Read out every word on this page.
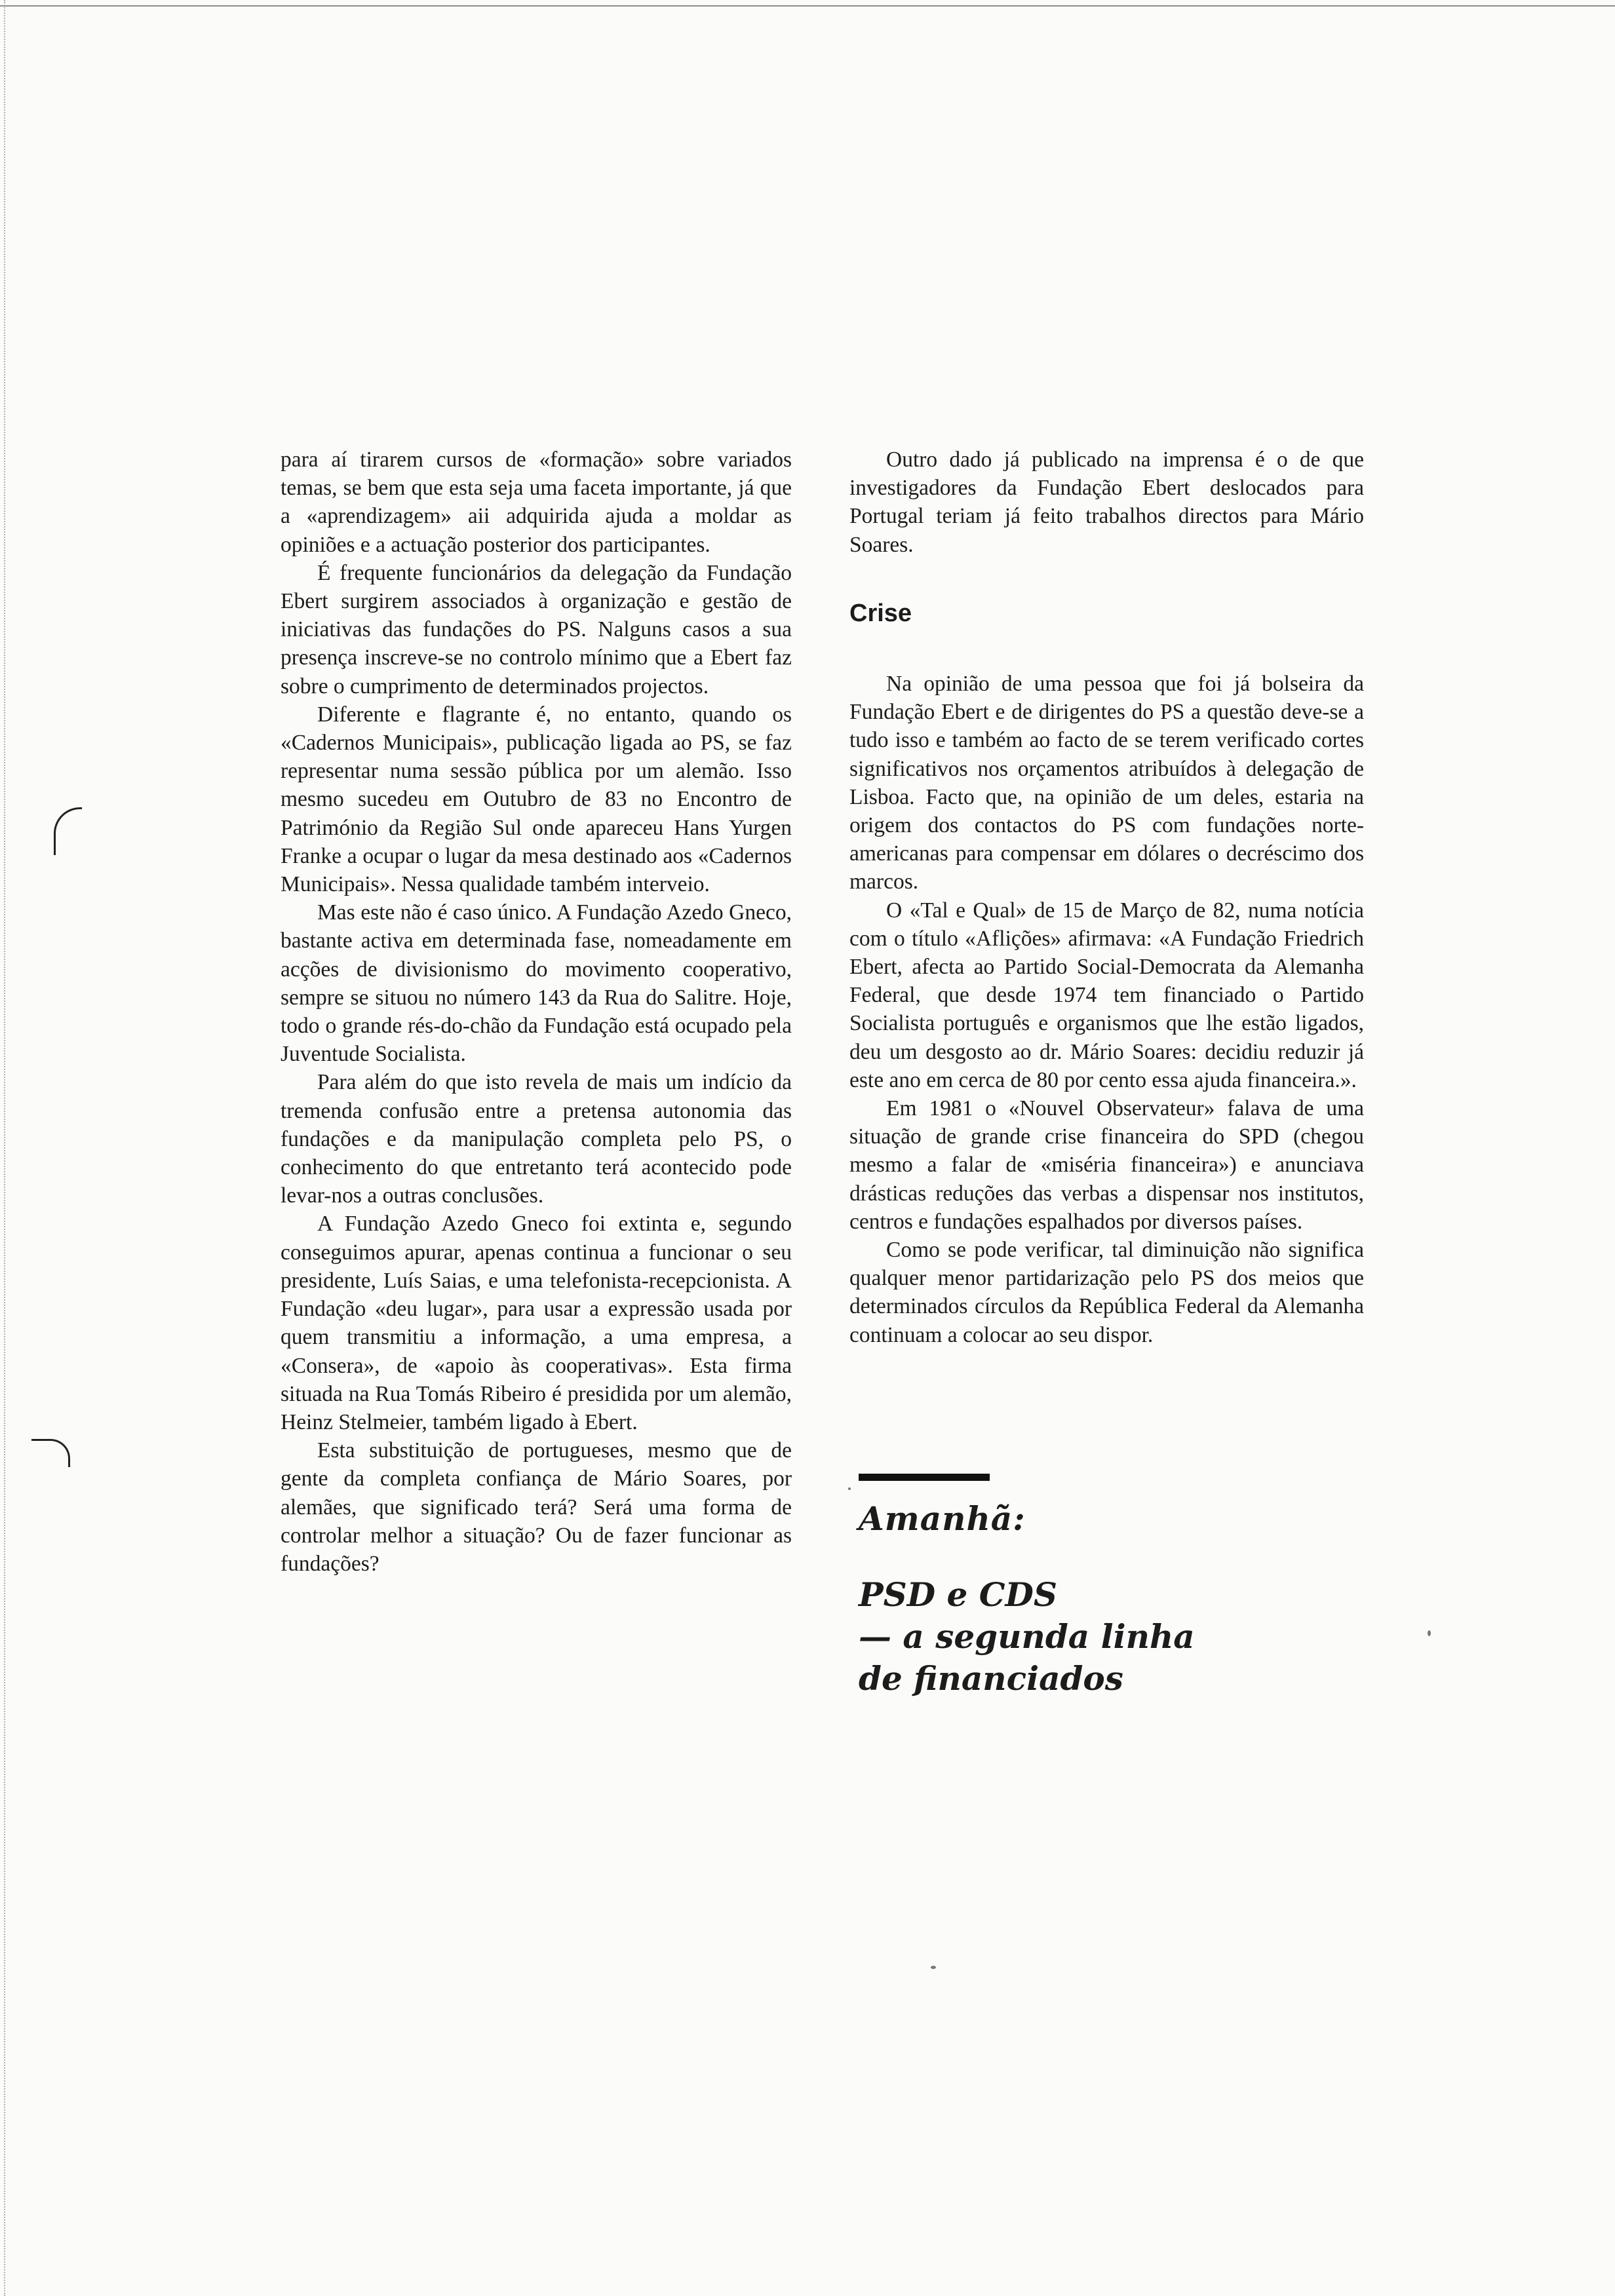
para aí tirarem cursos de «formação» sobre variados temas, se bem que esta seja uma faceta importante, já que a «aprendizagem» aii adquirida ajuda a moldar as opiniões e a actuação posterior dos participantes.

É frequente funcionários da delegação da Fundação Ebert surgirem associados à organização e gestão de iniciativas das fundações do PS. Nalguns casos a sua presença inscreve-se no controlo mínimo que a Ebert faz sobre o cumprimento de determinados projectos.

Diferente e flagrante é, no entanto, quando os «Cadernos Municipais», publicação ligada ao PS, se faz representar numa sessão pública por um alemão. Isso mesmo sucedeu em Outubro de 83 no Encontro de Património da Região Sul onde apareceu Hans Yurgen Franke a ocupar o lugar da mesa destinado aos «Cadernos Municipais». Nessa qualidade também interveio.

Mas este não é caso único. A Fundação Azedo Gneco, bastante activa em determinada fase, nomeadamente em acções de divisionismo do movimento cooperativo, sempre se situou no número 143 da Rua do Salitre. Hoje, todo o grande rés-do-chão da Fundação está ocupado pela Juventude Socialista.

Para além do que isto revela de mais um indício da tremenda confusão entre a pretensa autonomia das fundações e da manipulação completa pelo PS, o conhecimento do que entretanto terá acontecido pode levar-nos a outras conclusões.

A Fundação Azedo Gneco foi extinta e, segundo conseguimos apurar, apenas continua a funcionar o seu presidente, Luís Saias, e uma telefonista-recepcionista. A Fundação «deu lugar», para usar a expressão usada por quem transmitiu a informação, a uma empresa, a «Consera», de «apoio às cooperativas». Esta firma situada na Rua Tomás Ribeiro é presidida por um alemão, Heinz Stelmeier, também ligado à Ebert.

Esta substituição de portugueses, mesmo que de gente da completa confiança de Mário Soares, por alemães, que significado terá? Será uma forma de controlar melhor a situação? Ou de fazer funcionar as fundações?

Outro dado já publicado na imprensa é o de que investigadores da Fundação Ebert deslocados para Portugal teriam já feito trabalhos directos para Mário Soares.

Crise

Na opinião de uma pessoa que foi já bolseira da Fundação Ebert e de dirigentes do PS a questão deve-se a tudo isso e também ao facto de se terem verificado cortes significativos nos orçamentos atribuídos à delegação de Lisboa. Facto que, na opinião de um deles, estaria na origem dos contactos do PS com fundações norte-americanas para compensar em dólares o decréscimo dos marcos.

O «Tal e Qual» de 15 de Março de 82, numa notícia com o título «Aflições» afirmava: «A Fundação Friedrich Ebert, afecta ao Partido Social-Democrata da Alemanha Federal, que desde 1974 tem financiado o Partido Socialista português e organismos que lhe estão ligados, deu um desgosto ao dr. Mário Soares: decidiu reduzir já este ano em cerca de 80 por cento essa ajuda financeira.».

Em 1981 o «Nouvel Observateur» falava de uma situação de grande crise financeira do SPD (chegou mesmo a falar de «miséria financeira») e anunciava drásticas reduções das verbas a dispensar nos institutos, centros e fundações espalhados por diversos países.

Como se pode verificar, tal diminuição não significa qualquer menor partidarização pelo PS dos meios que determinados círculos da República Federal da Alemanha continuam a colocar ao seu dispor.

Amanhã:
PSD e CDS
— a segunda linha
de financiados
